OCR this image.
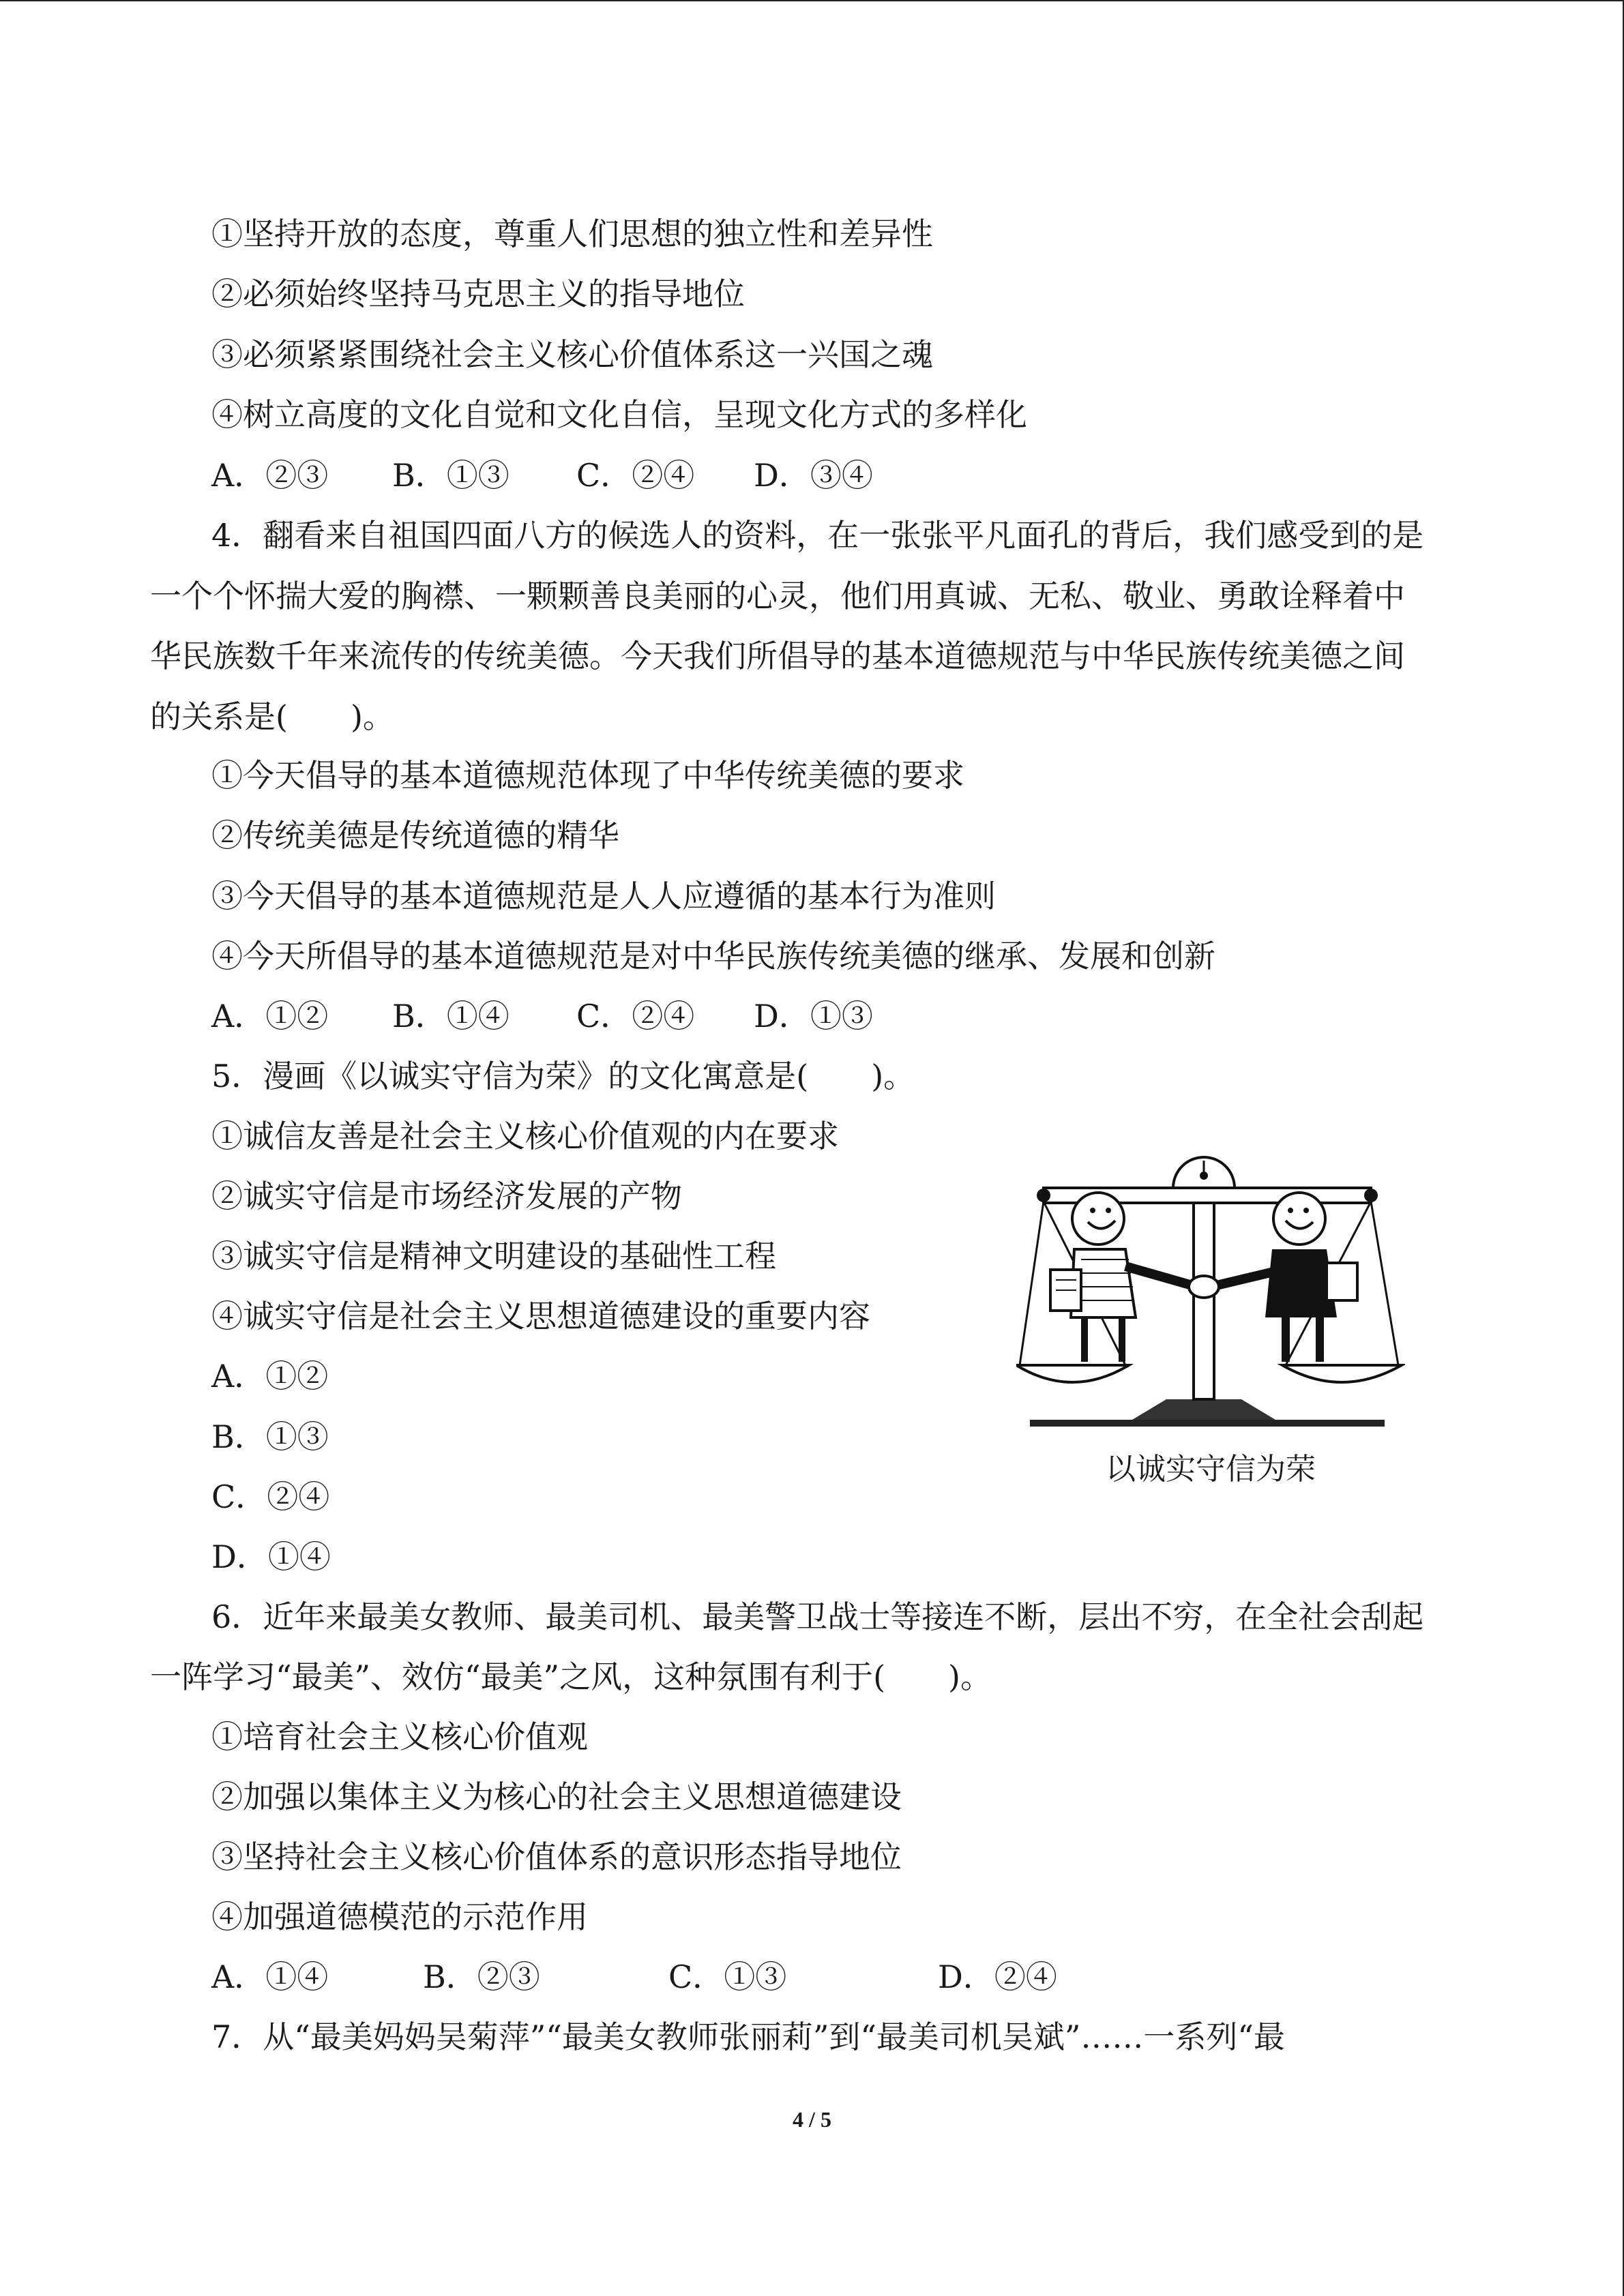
①坚持开放的态度，尊重人们思想的独立性和差异性
②必须始终坚持马克思主义的指导地位
③必须紧紧围绕社会主义核心价值体系这一兴国之魂
④树立高度的文化自觉和文化自信，呈现文化方式的多样化
A．②③ B．①③ C．②④ D．③④
4．翻看来自祖国四面八方的候选人的资料，在一张张平凡面孔的背后，我们感受到的是
一个个怀揣大爱的胸襟、一颗颗善良美丽的心灵，他们用真诚、无私、敬业、勇敢诠释着中
华民族数千年来流传的传统美德。今天我们所倡导的基本道德规范与中华民族传统美德之间
的关系是(　　)。
①今天倡导的基本道德规范体现了中华传统美德的要求
②传统美德是传统道德的精华
③今天倡导的基本道德规范是人人应遵循的基本行为准则
④今天所倡导的基本道德规范是对中华民族传统美德的继承、发展和创新
A．①② B．①④ C．②④ D．①③
5．漫画《以诚实守信为荣》的文化寓意是(　　)。
①诚信友善是社会主义核心价值观的内在要求
②诚实守信是市场经济发展的产物
③诚实守信是精神文明建设的基础性工程
④诚实守信是社会主义思想道德建设的重要内容
A．①②
B．①③
C．②④
D．①④
以诚实守信为荣
6．近年来最美女教师、最美司机、最美警卫战士等接连不断，层出不穷，在全社会刮起
一阵学习“最美”、效仿“最美”之风，这种氛围有利于(　　)。
①培育社会主义核心价值观
②加强以集体主义为核心的社会主义思想道德建设
③坚持社会主义核心价值体系的意识形态指导地位
④加强道德模范的示范作用
A．①④	B．②③	C．①③	D．②④
7．从“最美妈妈吴菊萍”“最美女教师张丽莉”到“最美司机吴斌”……一系列“最
4 / 5
